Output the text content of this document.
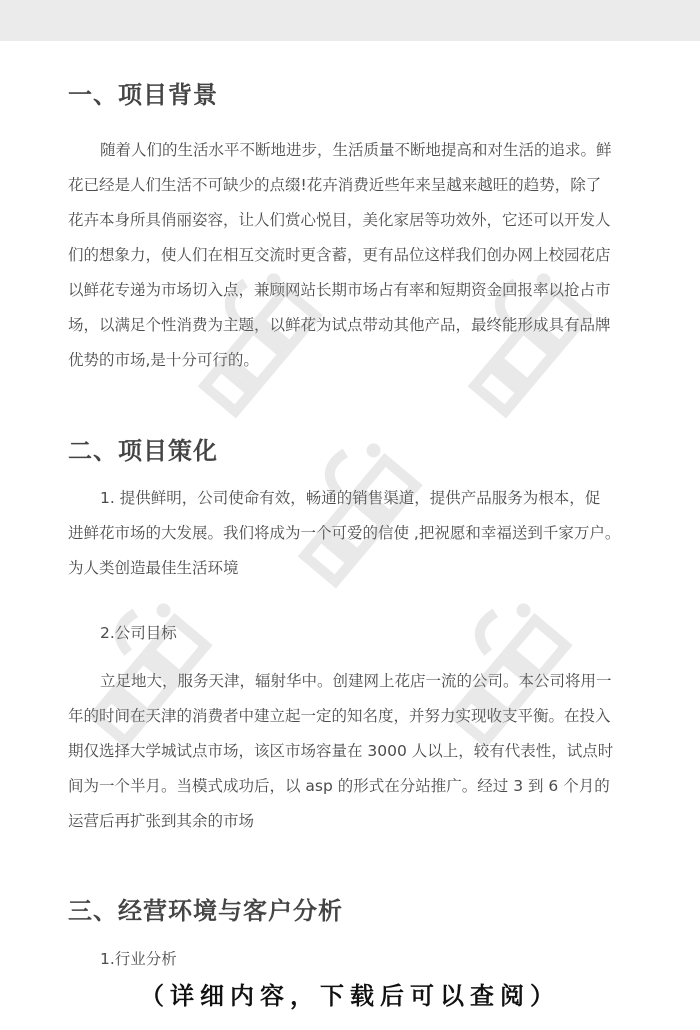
一、项目背景
随着人们的生活水平不断地进步，生活质量不断地提高和对生活的追求。鲜
花已经是人们生活不可缺少的点缀!花卉消费近些年来呈越来越旺的趋势，除了
花卉本身所具俏丽姿容，让人们赏心悦目，美化家居等功效外，它还可以开发人
们的想象力，使人们在相互交流时更含蓄，更有品位这样我们创办网上校园花店
以鲜花专递为市场切入点，兼顾网站长期市场占有率和短期资金回报率以抢占市
场，以满足个性消费为主题，以鲜花为试点带动其他产品，最终能形成具有品牌
优势的市场,是十分可行的。
二、项目策化
1. 提供鲜明，公司使命有效，畅通的销售渠道，提供产品服务为根本，促
进鲜花市场的大发展。我们将成为一个可爱的信使 ,把祝愿和幸福送到千家万户。
为人类创造最佳生活环境
2.公司目标
立足地大，服务天津，辐射华中。创建网上花店一流的公司。本公司将用一
年的时间在天津的消费者中建立起一定的知名度，并努力实现收支平衡。在投入
期仅选择大学城试点市场，该区市场容量在 3000 人以上，较有代表性，试点时
间为一个半月。当模式成功后，以 asp 的形式在分站推广。经过 3 到 6 个月的
运营后再扩张到其余的市场
三、经营环境与客户分析
1.行业分析
（详细内容，下载后可以查阅）
